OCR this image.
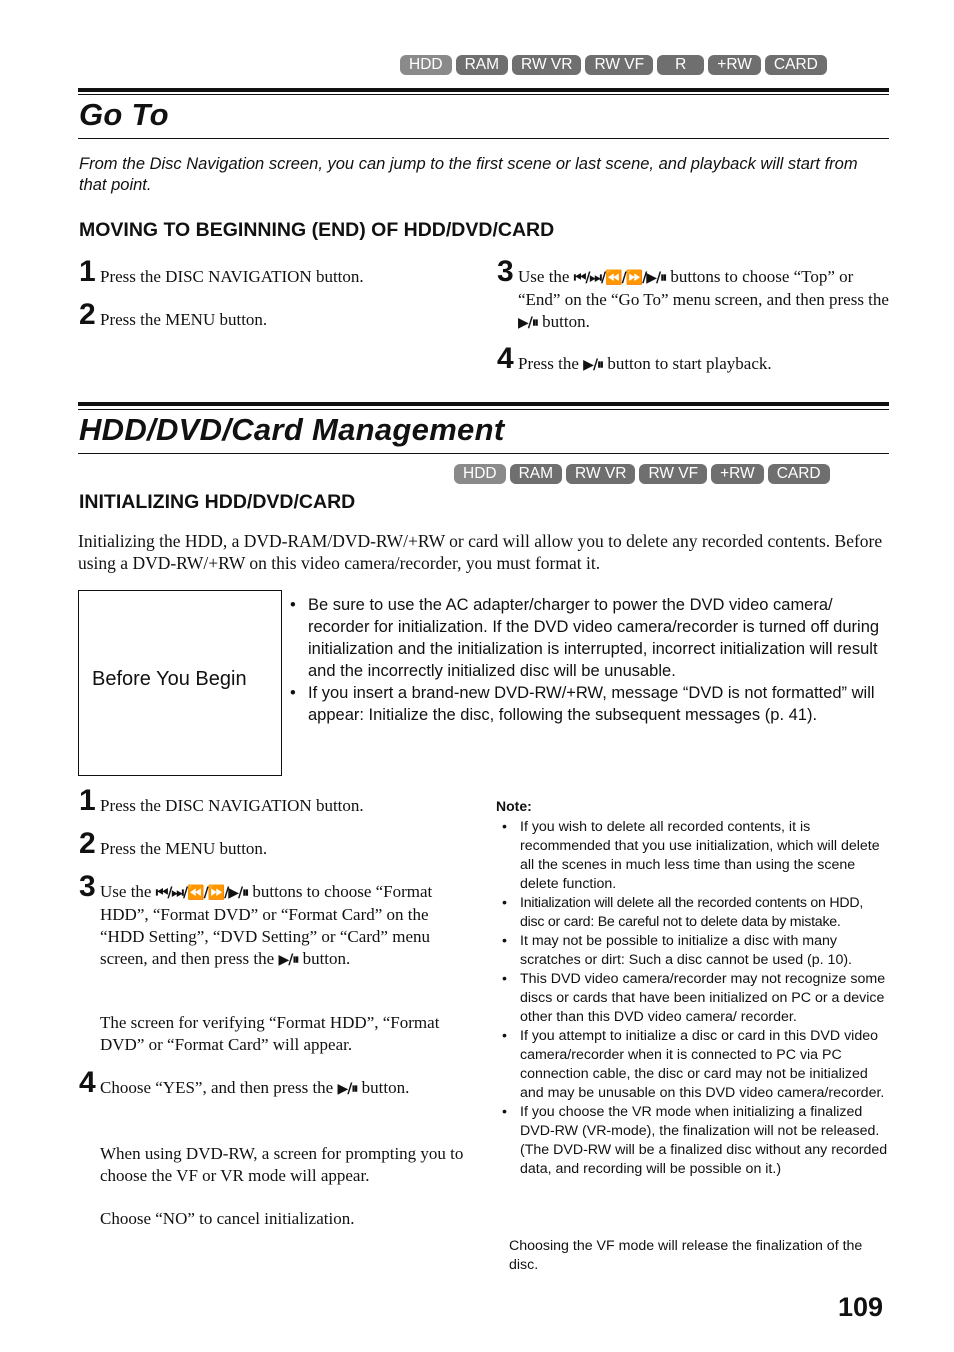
HDD	RAM	RW VR	RW VF	R	+RW	CARD
Go To
From the Disc Navigation screen, you can jump to the first scene or last scene, and playback will start from that point.
MOVING TO BEGINNING (END) OF HDD/DVD/CARD
1 Press the DISC NAVIGATION button.
2 Press the MENU button.
3 Use the ⏮/⏭/⏪/⏩/▶/⏸ buttons to choose “Top” or “End” on the “Go To” menu screen, and then press the ▶/⏸ button.
4 Press the ▶/⏸ button to start playback.
HDD/DVD/Card Management
HDD	RAM	RW VR	RW VF	+RW	CARD
INITIALIZING HDD/DVD/CARD
Initializing the HDD, a DVD-RAM/DVD-RW/+RW or card will allow you to delete any recorded contents. Before using a DVD-RW/+RW on this video camera/recorder, you must format it.
Before You Begin
• Be sure to use the AC adapter/charger to power the DVD video camera/ recorder for initialization. If the DVD video camera/recorder is turned off during initialization and the initialization is interrupted, incorrect initialization will result and the incorrectly initialized disc will be unusable.
• If you insert a brand-new DVD-RW/+RW, message “DVD is not formatted” will appear: Initialize the disc, following the subsequent messages (p. 41).
1 Press the DISC NAVIGATION button.
2 Press the MENU button.
3 Use the ⏮/⏭/⏪/⏩/▶/⏸ buttons to choose “Format HDD”, “Format DVD” or “Format Card” on the “HDD Setting”, “DVD Setting” or “Card” menu screen, and then press the ▶/⏸ button.
The screen for verifying “Format HDD”, “Format DVD” or “Format Card” will appear.
4 Choose “YES”, and then press the ▶/⏸ button.
When using DVD-RW, a screen for prompting you to choose the VF or VR mode will appear.
Choose “NO” to cancel initialization.
Note:
• If you wish to delete all recorded contents, it is recommended that you use initialization, which will delete all the scenes in much less time than using the scene delete function.
• Initialization will delete all the recorded contents on HDD, disc or card: Be careful not to delete data by mistake.
• It may not be possible to initialize a disc with many scratches or dirt: Such a disc cannot be used (p. 10).
• This DVD video camera/recorder may not recognize some discs or cards that have been initialized on PC or a device other than this DVD video camera/ recorder.
• If you attempt to initialize a disc or card in this DVD video camera/recorder when it is connected to PC via PC connection cable, the disc or card may not be initialized and may be unusable on this DVD video camera/recorder.
• If you choose the VR mode when initializing a finalized DVD-RW (VR-mode), the finalization will not be released. (The DVD-RW will be a finalized disc without any recorded data, and recording will be possible on it.)
Choosing the VF mode will release the finalization of the disc.
109
